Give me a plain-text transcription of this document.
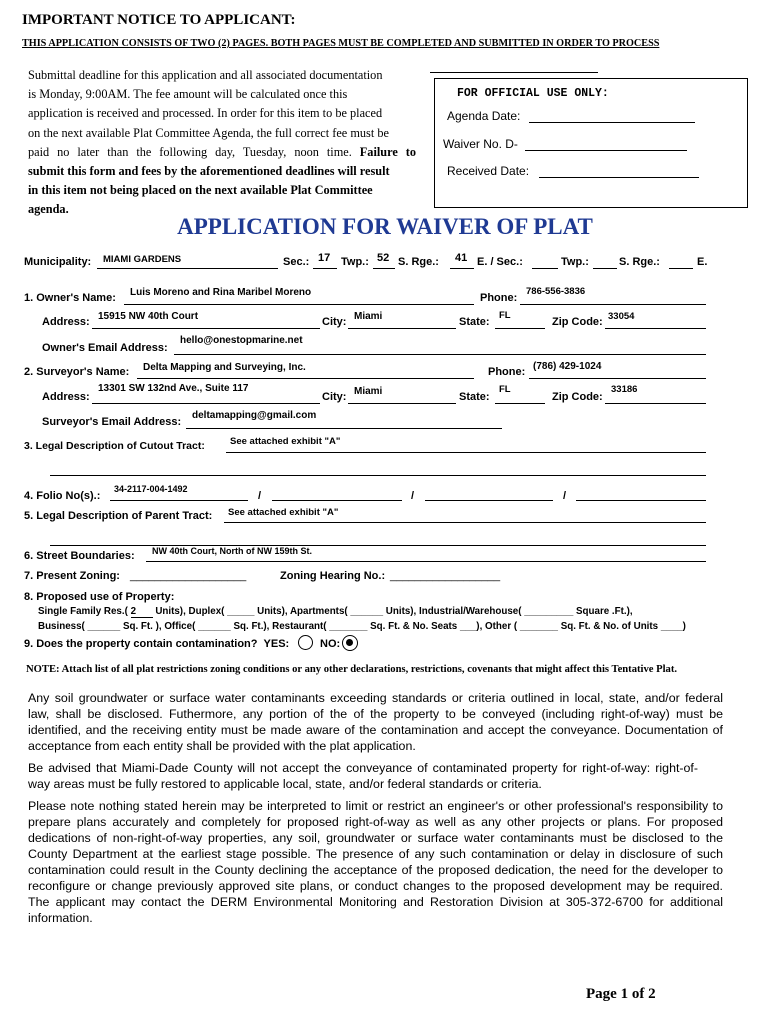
IMPORTANT NOTICE TO APPLICANT:
THIS APPLICATION CONSISTS OF TWO (2) PAGES. BOTH PAGES MUST BE COMPLETED AND SUBMITTED IN ORDER TO PROCESS
Submittal deadline for this application and all associated documentation
is Monday, 9:00AM. The fee amount will be calculated once this
application is received and processed. In order for this item to be placed
on the next available Plat Committee Agenda, the full correct fee must be
paid no later than the following day, Tuesday, noon time. Failure to
submit this form and fees by the aforementioned deadlines will result
in this item not being placed on the next available Plat Committee
agenda.
FOR OFFICIAL USE ONLY:
Agenda Date:
Waiver No. D-
Received Date:
APPLICATION FOR WAIVER OF PLAT
Municipality: MIAMI GARDENS	Sec.: 17 Twp.: 52 S. Rge.: 41 E. / Sec.:	Twp.:	S. Rge.:	E.
1. Owner's Name: Luis Moreno and Rina Maribel Moreno	Phone:
786-556-3836
Address: 15915 NW 40th Court	City: Miami	State:
FL
Zip Code: 33054
Owner's Email Address:
hello@onestopmarine.net
2. Surveyor's Name: Delta Mapping and Surveying, Inc.	Phone: (786) 429-1024
Address:
13301 SW 132nd Ave., Suite 117
City: Miami	State:
FL
Zip Code:
33186
Surveyor's Email Address:
deltamapping@gmail.com
3. Legal Description of Cutout Tract:	See attached exhibit "A"
4. Folio No(s).:
34-2117-004-1492
/	/	/
5. Legal Description of Parent Tract: See attached exhibit "A"
6. Street Boundaries: NW 40th Court, North of NW 159th St.
7. Present Zoning: ___________________	Zoning Hearing No.: __________________
8. Proposed use of Property:
Single Family Res.( 2 Units), Duplex( _____ Units), Apartments( ______ Units), Industrial/Warehouse( _________ Square .Ft.),
Business( ______ Sq. Ft. ), Office( ______ Sq. Ft.), Restaurant( _______ Sq. Ft. & No. Seats ___), Other ( _______ Sq. Ft. & No. of Units ____)
9. Does the property contain contamination? YES:	NO:
NOTE: Attach list of all plat restrictions zoning conditions or any other declarations, restrictions, covenants that might affect this Tentative Plat.
Any soil groundwater or surface water contaminants exceeding standards or criteria outlined in local, state, and/or federal
law, shall be disclosed. Futhermore, any portion of the of the property to be conveyed (including right-of-way) must be
identified, and the receiving entity must be made aware of the contamination and accept the conveyance. Documentation of
acceptance from each entity shall be provided with the plat application.
Be advised that Miami-Dade County will not accept the conveyance of contaminated property for right-of-way: right-of-
way areas must be fully restored to applicable local, state, and/or federal standards or criteria.
Please note nothing stated herein may be interpreted to limit or restrict an engineer's or other professional's responsibility to
prepare plans accurately and completely for proposed right-of-way as well as any other projects or plans. For proposed
dedications of non-right-of-way properties, any soil, groundwater or surface water contaminants must be disclosed to the
County Department at the earliest stage possible. The presence of any such contamination or delay in disclosure of such
contamination could result in the County declining the acceptance of the proposed dedication, the need for the developer to
reconfigure or change previously approved site plans, or conduct changes to the proposed development may be required.
The applicant may contact the DERM Environmental Monitoring and Restoration Division at 305-372-6700 for additional
information.
Page 1 of 2
